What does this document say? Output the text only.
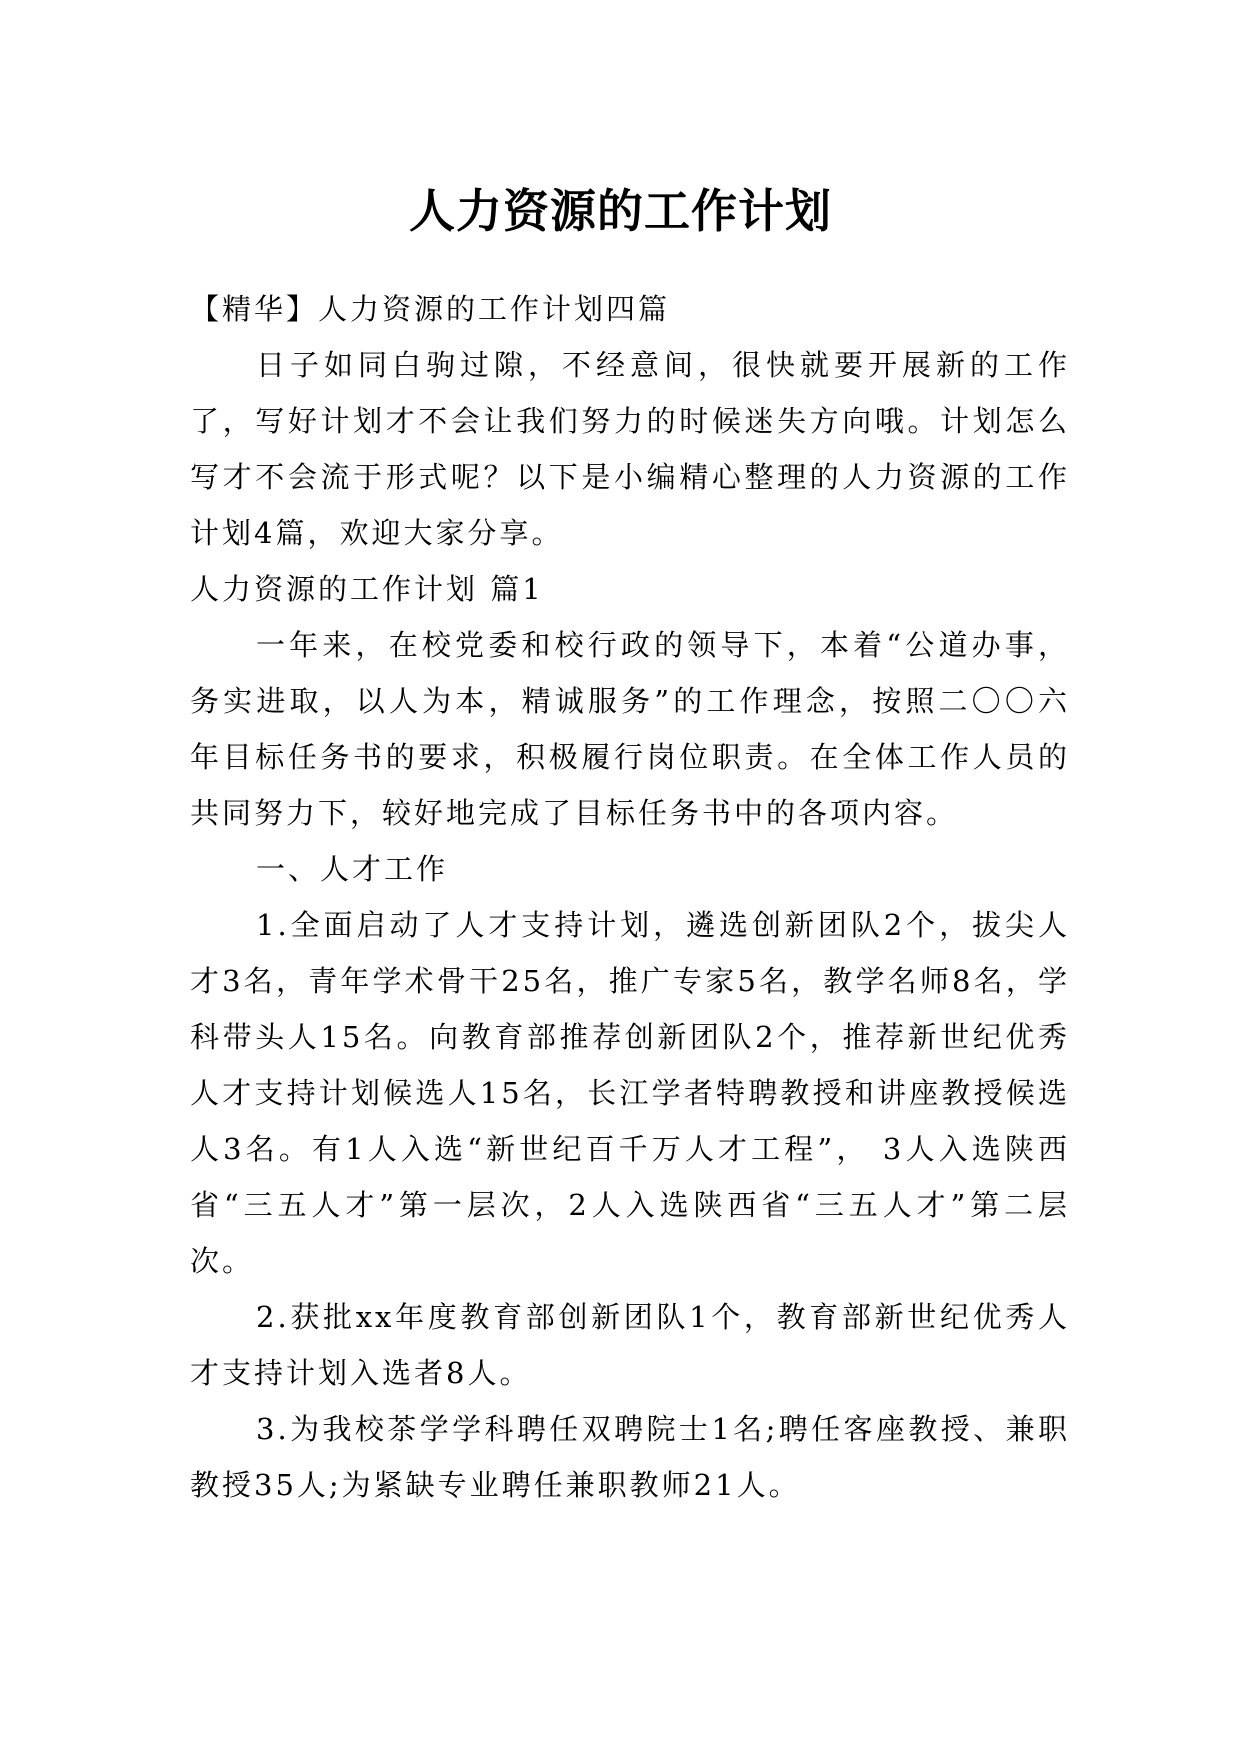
人力资源的工作计划

【精华】人力资源的工作计划四篇

日子如同白驹过隙，不经意间，很快就要开展新的工作了，写好计划才不会让我们努力的时候迷失方向哦。计划怎么写才不会流于形式呢？以下是小编精心整理的人力资源的工作计划4篇，欢迎大家分享。

人力资源的工作计划 篇1

一年来，在校党委和校行政的领导下，本着“公道办事，务实进取，以人为本，精诚服务”的工作理念，按照二〇〇六年目标任务书的要求，积极履行岗位职责。在全体工作人员的共同努力下，较好地完成了目标任务书中的各项内容。

一、人才工作

1.全面启动了人才支持计划，遴选创新团队2个，拔尖人才3名，青年学术骨干25名，推广专家5名，教学名师8名，学科带头人15名。向教育部推荐创新团队2个，推荐新世纪优秀人才支持计划候选人15名，长江学者特聘教授和讲座教授候选人3名。有1人入选“新世纪百千万人才工程”， 3人入选陕西省“三五人才”第一层次，2人入选陕西省“三五人才”第二层次。

2.获批xx年度教育部创新团队1个，教育部新世纪优秀人才支持计划入选者8人。

3.为我校茶学学科聘任双聘院士1名;聘任客座教授、兼职教授35人;为紧缺专业聘任兼职教师21人。
